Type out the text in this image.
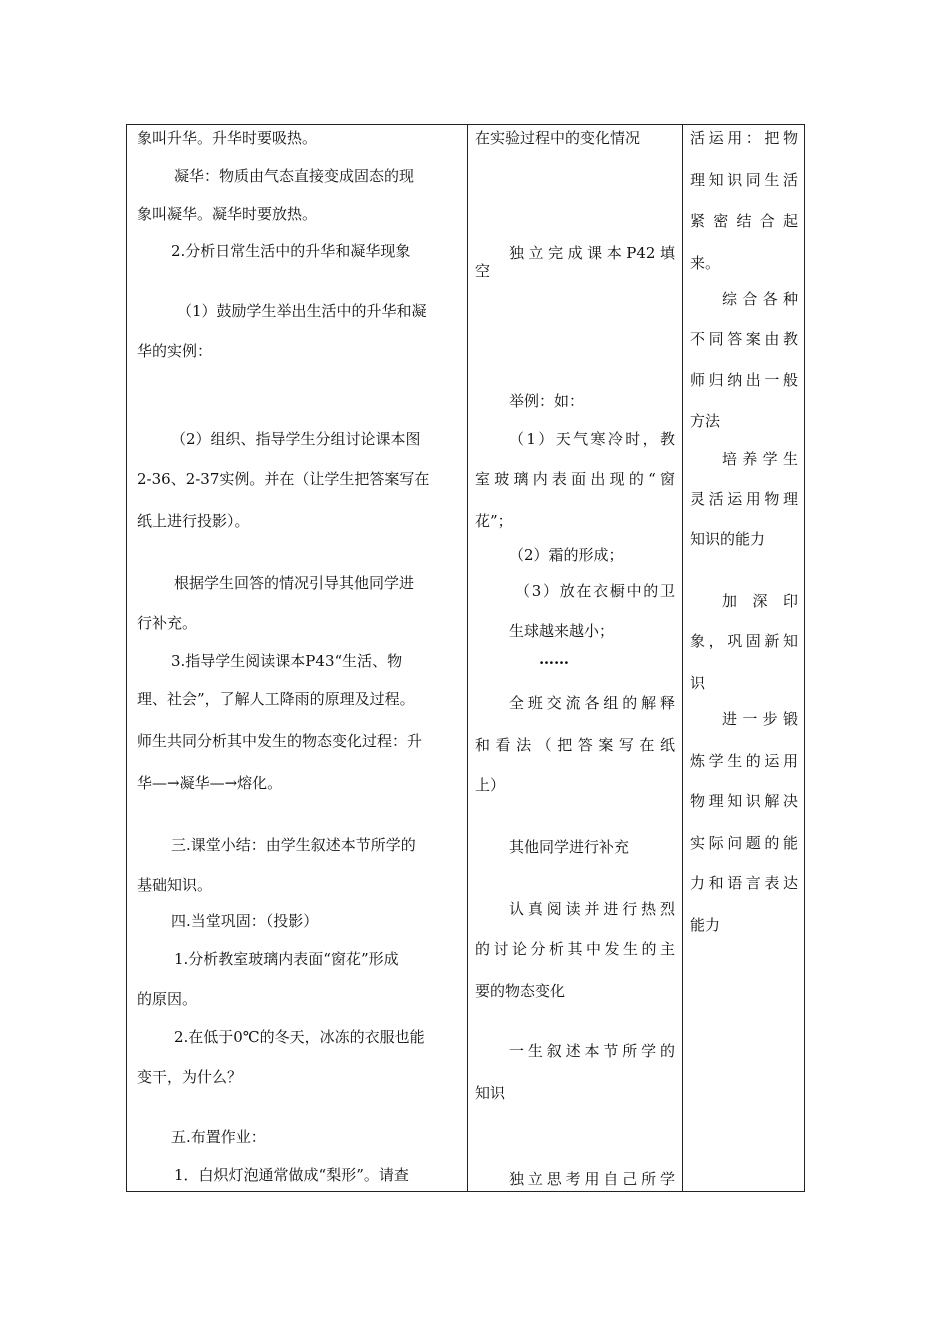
象叫升华。升华时要吸热。
凝华：物质由气态直接变成固态的现
象叫凝华。凝华时要放热。
2.分析日常生活中的升华和凝华现象
（1）鼓励学生举出生活中的升华和凝
华的实例：
（2）组织、指导学生分组讨论课本图
2-36、2-37实例。并在（让学生把答案写在
纸上进行投影）。
根据学生回答的情况引导其他同学进
行补充。
3.指导学生阅读课本P43“生活、物
理、社会”，了解人工降雨的原理及过程。
师生共同分析其中发生的物态变化过程：升
华—→凝华—→熔化。
三.课堂小结：由学生叙述本节所学的
基础知识。
四.当堂巩固：（投影）
1.分析教室玻璃内表面“窗花”形成
的原因。
2.在低于0℃的冬天，冰冻的衣服也能
变干，为什么？
五.布置作业：
1．白炽灯泡通常做成“梨形”。请查
在实验过程中的变化情况
独立完成课本P42填
空
举例：如：
（1）天气寒冷时，教
室玻璃内表面出现的“窗
花”；
（2）霜的形成；
（3）放在衣橱中的卫
生球越来越小；
……
全班交流各组的解释
和看法（把答案写在纸
上）
其他同学进行补充
认真阅读并进行热烈
的讨论分析其中发生的主
要的物态变化
一生叙述本节所学的
知识
独立思考用自己所学
活运用：把物
理知识同生活
紧密结合起
来。
综合各种
不同答案由教
师归纳出一般
方法
培养学生
灵活运用物理
知识的能力
加深印
象，巩固新知
识
进一步锻
炼学生的运用
物理知识解决
实际问题的能
力和语言表达
能力
